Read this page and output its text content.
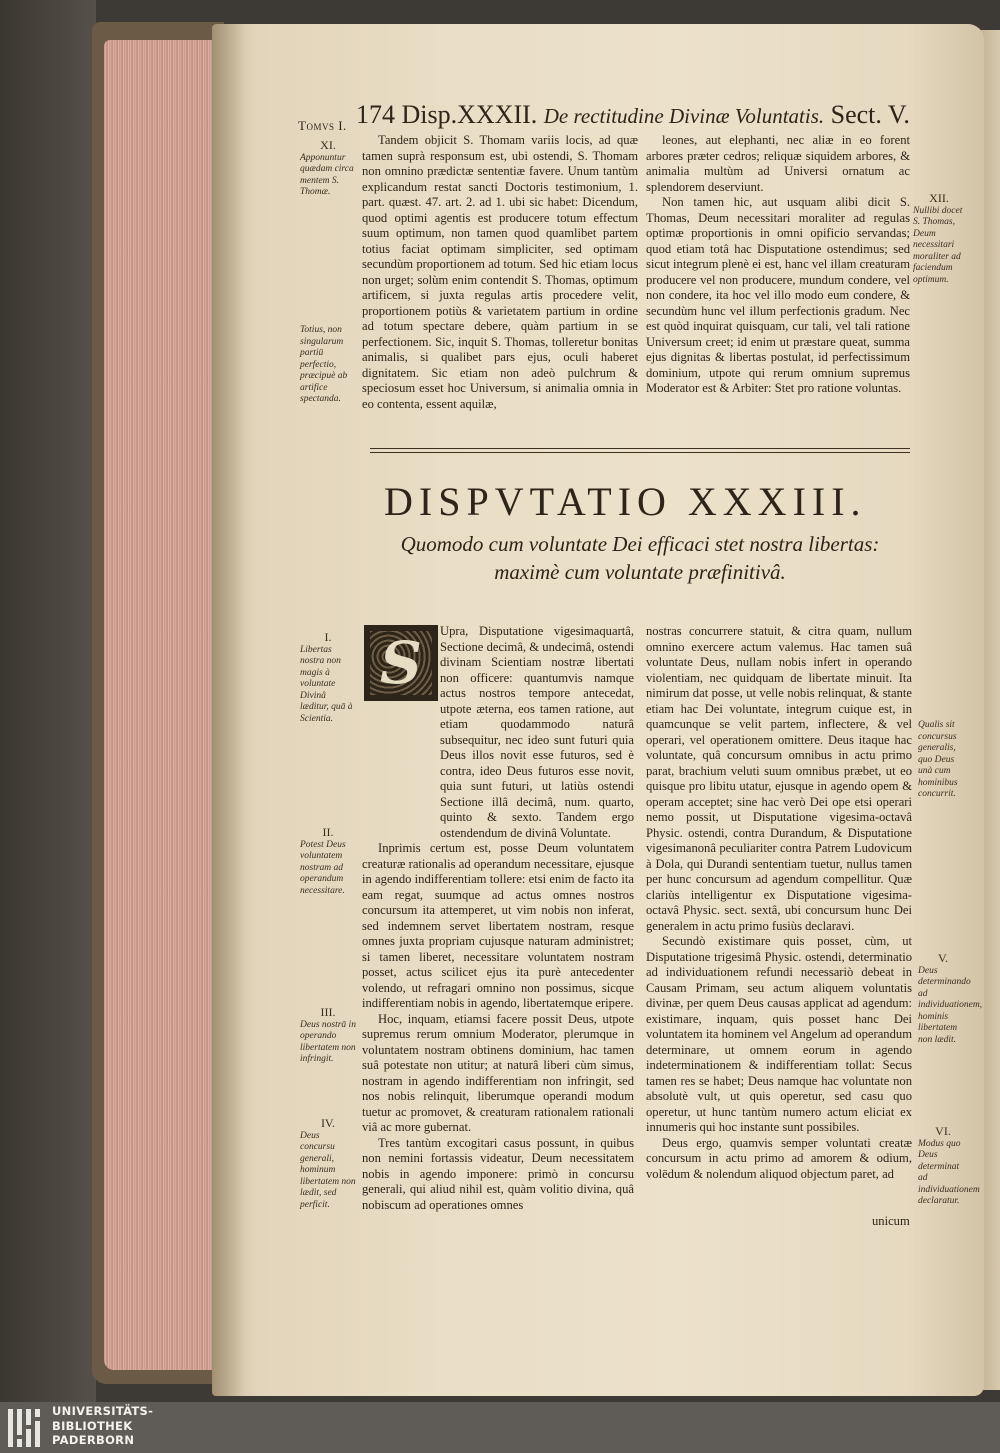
Tomvs I. 174 Disp.XXXII. De rectitudine Divinæ Voluntatis. Sect. V.

Tandem objicit S. Thomam variis locis, ad quæ tamen suprà responsum est, ubi ostendi, S. Thomam non omnino prædictæ sententiæ favere. Unum tantùm explicandum restat sancti Doctoris testimonium, 1. part. quæst. 47. art. 2. ad 1. ubi sic habet: Dicendum, quod optimi agentis est producere totum effectum suum optimum, non tamen quod quamlibet partem totius faciat optimam simpliciter, sed optimam secundùm proportionem ad totum. Sed hic etiam locus non urget; solùm enim contendit S. Thomas, optimum artificem, si juxta regulas artis procedere velit, proportionem potiùs & varietatem partium in ordine ad totum spectare debere, quàm partium in se perfectionem. Sic, inquit S. Thomas, tolleretur bonitas animalis, si qualibet pars ejus, oculi haberet dignitatem. Sic etiam non adeò pulchrum & speciosum esset hoc Universum, si animalia omnia in eo contenta, essent aquilæ,

leones, aut elephanti, nec aliæ in eo forent arbores præter cedros; reliquæ siquidem arbores, & animalia multùm ad Universi ornatum ac splendorem deserviunt.

Non tamen hic, aut usquam alibi dicit S. Thomas, Deum necessitari moraliter ad regulas optimæ proportionis in omni opificio servandas; quod etiam totâ hac Disputatione ostendimus; sed sicut integrum plenè ei est, hanc vel illam creaturam producere vel non producere, mundum condere, vel non condere, ita hoc vel illo modo eum condere, & secundùm hunc vel illum perfectionis gradum. Nec est quòd inquirat quisquam, cur tali, vel tali ratione Universum creet; id enim ut præstare queat, summa ejus dignitas & libertas postulat, id perfectissimum dominium, utpote qui rerum omnium supremus Moderator est & Arbiter: Stet pro ratione voluntas.

XI.
Apponuntur quædam circa mentem S. Thomæ.
Totius, non singularum partiū perfectio, præcipuè ab artifice spectanda.
XII.
Nullibi docet S. Thomas, Deum necessitari moraliter ad faciendum optimum.
DISPVTATIO XXXIII.
Quomodo cum voluntate Dei efficaci stet nostra libertas:
maximè cum voluntate præfinitivâ.
S Upra, Disputatione vigesimaquartâ, Sectione decimâ, & undecimâ, ostendi divinam Scientiam nostræ libertati non officere: quantumvis namque actus nostros tempore antecedat, utpote æterna, eos tamen ratione, aut etiam quodammodo naturâ subsequitur, nec ideo sunt futuri quia Deus illos novit esse futuros, sed è contra, ideo Deus futuros esse novit, quia sunt futuri, ut latiùs ostendi Sectione illâ decimâ, num. quarto, quinto & sexto. Tandem ergo ostendendum de divinâ Voluntate.

Inprimis certum est, posse Deum voluntatem creaturæ rationalis ad operandum necessitare, ejusque in agendo indifferentiam tollere: etsi enim de facto ita eam regat, suumque ad actus omnes nostros concursum ita attemperet, ut vim nobis non inferat, sed indemnem servet libertatem nostram, resque omnes juxta propriam cujusque naturam administret; si tamen liberet, necessitare voluntatem nostram posset, actus scilicet ejus ita purè antecedenter volendo, ut refragari omnino non possimus, sicque indifferentiam nobis in agendo, libertatemque eripere.

Hoc, inquam, etiamsi facere possit Deus, utpote supremus rerum omnium Moderator, plerumque in voluntatem nostram obtinens dominium, hac tamen suâ potestate non utitur; at naturâ liberi cùm simus, nostram in agendo indifferentiam non infringit, sed nos nobis relinquit, liberumque operandi modum tuetur ac promovet, & creaturam rationalem rationali viâ ac more gubernat.

Tres tantùm excogitari casus possunt, in quibus non nemini fortassis videatur, Deum necessitatem nobis in agendo imponere: primò in concursu generali, qui aliud nihil est, quàm volitio divina, quâ nobiscum ad operationes omnes

nostras concurrere statuit, & citra quam, nullum omnino exercere actum valemus. Hac tamen suâ voluntate Deus, nullam nobis infert in operando violentiam, nec quidquam de libertate minuit. Ita nimirum dat posse, ut velle nobis relinquat, & stante etiam hac Dei voluntate, integrum cuique est, in quamcunque se velit partem, inflectere, & vel operari, vel operationem omittere. Deus itaque hac voluntate, quâ concursum omnibus in actu primo parat, brachium veluti suum omnibus præbet, ut eo quisque pro libitu utatur, ejusque in agendo opem & operam acceptet; sine hac verò Dei ope etsi operari nemo possit, ut Disputatione vigesima-octavâ Physic. ostendi, contra Durandum, & Disputatione vigesimanonâ peculiariter contra Patrem Ludovicum à Dola, qui Durandi sententiam tuetur, nullus tamen per hunc concursum ad agendum compellitur. Quæ clariùs intelligentur ex Disputatione vigesima-octavâ Physic. sect. sextâ, ubi concursum hunc Dei generalem in actu primo fusiùs declaravi.

Secundò existimare quis posset, cùm, ut Disputatione trigesimâ Physic. ostendi, determinatio ad individuationem refundi necessariò debeat in Causam Primam, seu actum aliquem voluntatis divinæ, per quem Deus causas applicat ad agendum: existimare, inquam, quis posset hanc Dei voluntatem ita hominem vel Angelum ad operandum determinare, ut omnem eorum in agendo indeterminationem & indifferentiam tollat: Secus tamen res se habet; Deus namque hac voluntate non absolutè vult, ut quis operetur, sed casu quo operetur, ut hunc tantùm numero actum eliciat ex innumeris qui hoc instante sunt possibiles.

Deus ergo, quamvis semper voluntati creatæ concursum in actu primo ad amorem & odium, volēdum & nolendum aliquod objectum paret, ad

unicum
I.
Libertas nostra non magis à voluntate Divinâ læditur, quā à Scientia.
II.
Potest Deus voluntatem nostram ad operandum necessitare.
III.
Deus nostrā in operando libertatem non infringit.
IV.
Deus concursu generali, hominum libertatem non lædit, sed perficit.
Qualis sit concursus generalis, quo Deus unà cum hominibus concurrit.
V.
Deus determinando ad individuationem, hominis libertatem non lædit.
VI.
Modus quo Deus determinat ad individuationem declaratur.
UNIVERSITÄTS-
BIBLIOTHEK
PADERBORN
